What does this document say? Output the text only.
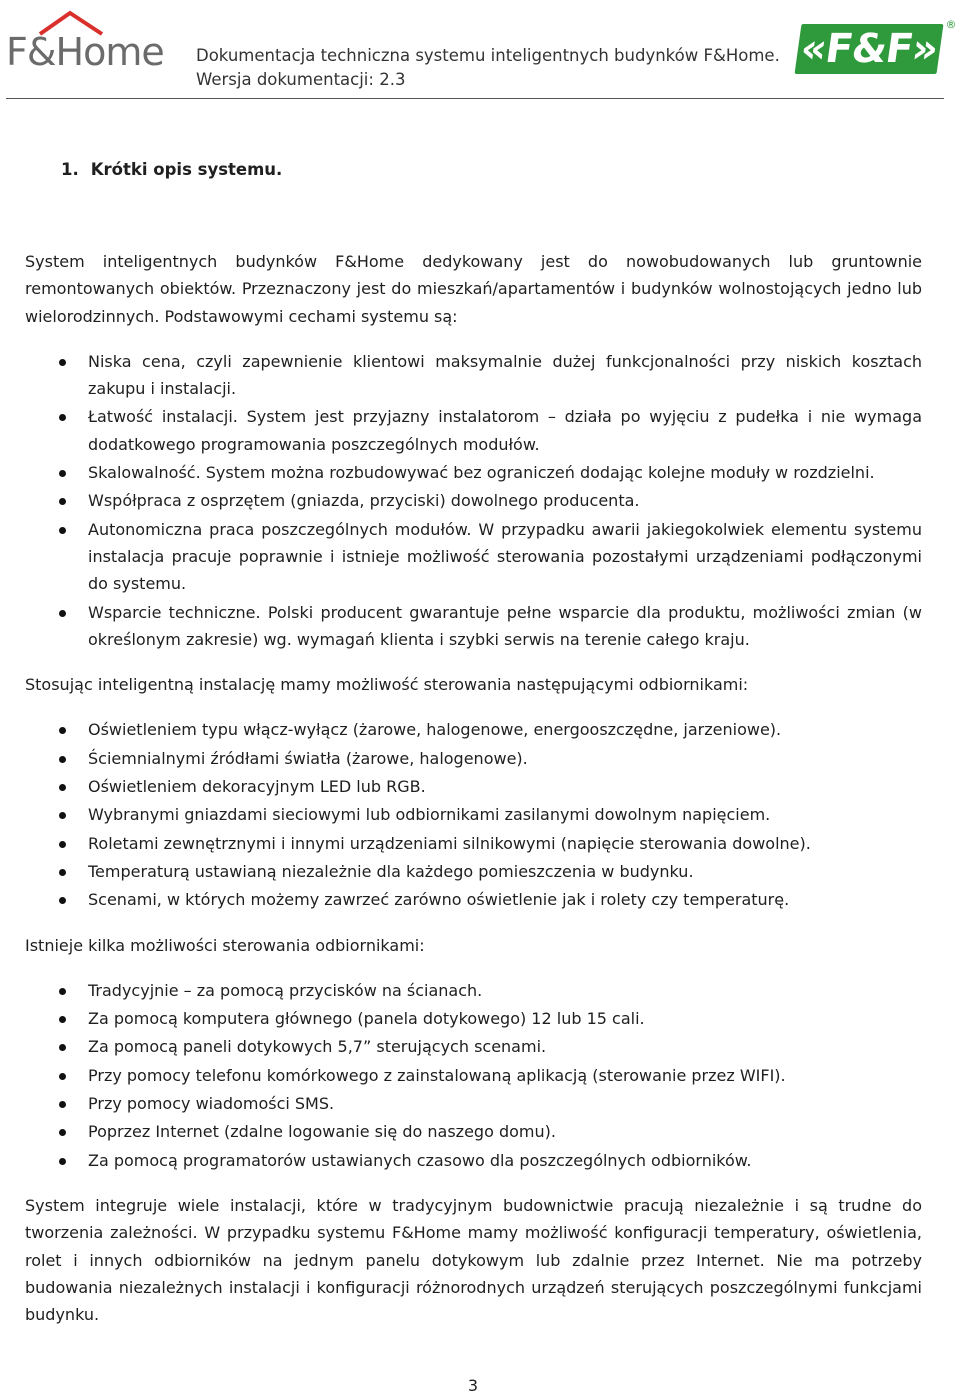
F&Home Dokumentacja techniczna systemu inteligentnych budynków F&Home.
Wersja dokumentacji: 2.3
«F&F»
®
1. Krótki opis systemu.

System inteligentnych budynków F&Home dedykowany jest do nowobudowanych lub gruntownie remontowanych obiektów. Przeznaczony jest do mieszkań/apartamentów i budynków wolnostojących jedno lub wielorodzinnych. Podstawowymi cechami systemu są:

Niska cena, czyli zapewnienie klientowi maksymalnie dużej funkcjonalności przy niskich kosztach zakupu i instalacji.
Łatwość instalacji. System jest przyjazny instalatorom – działa po wyjęciu z pudełka i nie wymaga dodatkowego programowania poszczególnych modułów.
Skalowalność. System można rozbudowywać bez ograniczeń dodając kolejne moduły w rozdzielni.
Współpraca z osprzętem (gniazda, przyciski) dowolnego producenta.
Autonomiczna praca poszczególnych modułów. W przypadku awarii jakiegokolwiek elementu systemu instalacja pracuje poprawnie i istnieje możliwość sterowania pozostałymi urządzeniami podłączonymi do systemu.
Wsparcie techniczne. Polski producent gwarantuje pełne wsparcie dla produktu, możliwości zmian (w określonym zakresie) wg. wymagań klienta i szybki serwis na terenie całego kraju.

Stosując inteligentną instalację mamy możliwość sterowania następującymi odbiornikami:

Oświetleniem typu włącz-wyłącz (żarowe, halogenowe, energooszczędne, jarzeniowe).
Ściemnialnymi źródłami światła (żarowe, halogenowe).
Oświetleniem dekoracyjnym LED lub RGB.
Wybranymi gniazdami sieciowymi lub odbiornikami zasilanymi dowolnym napięciem.
Roletami zewnętrznymi i innymi urządzeniami silnikowymi (napięcie sterowania dowolne).
Temperaturą ustawianą niezależnie dla każdego pomieszczenia w budynku.
Scenami, w których możemy zawrzeć zarówno oświetlenie jak i rolety czy temperaturę.

Istnieje kilka możliwości sterowania odbiornikami:

Tradycyjnie – za pomocą przycisków na ścianach.
Za pomocą komputera głównego (panela dotykowego) 12 lub 15 cali.
Za pomocą paneli dotykowych 5,7” sterujących scenami.
Przy pomocy telefonu komórkowego z zainstalowaną aplikacją (sterowanie przez WIFI).
Przy pomocy wiadomości SMS.
Poprzez Internet (zdalne logowanie się do naszego domu).
Za pomocą programatorów ustawianych czasowo dla poszczególnych odbiorników.

System integruje wiele instalacji, które w tradycyjnym budownictwie pracują niezależnie i są trudne do tworzenia zależności. W przypadku systemu F&Home mamy możliwość konfiguracji temperatury, oświetlenia, rolet i innych odbiorników na jednym panelu dotykowym lub zdalnie przez Internet. Nie ma potrzeby budowania niezależnych instalacji i konfiguracji różnorodnych urządzeń sterujących poszczególnymi funkcjami budynku.

3
